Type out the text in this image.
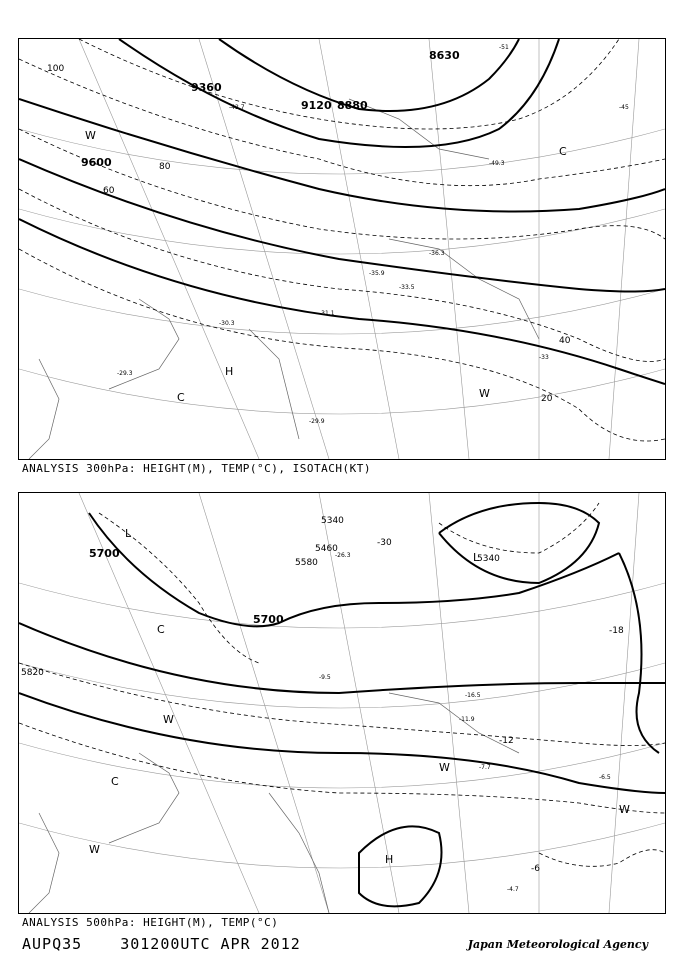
9360
9600
9120 8880
8630
100
80
60
40
20
-29.3
-30.3
-31.1
-29.9
-33
-45
-51
-42.7
-36.3
-49.3
-35.9
-33.5
H
C	W
W
C
ANALYSIS 300hPa: HEIGHT(M), TEMP(°C), ISOTACH(KT)
5700
5700
5820
5340
5340
5460
5580
-18
-12
-6
-30
-4.7
-6.5
-7.7
-9.5
-11.9
-16.5
-26.3
H
L
L
C
C
W
W
W
W
ANALYSIS 500hPa: HEIGHT(M), TEMP(°C)
AUPQ35	301200UTC APR 2012	Japan Meteorological Agency
